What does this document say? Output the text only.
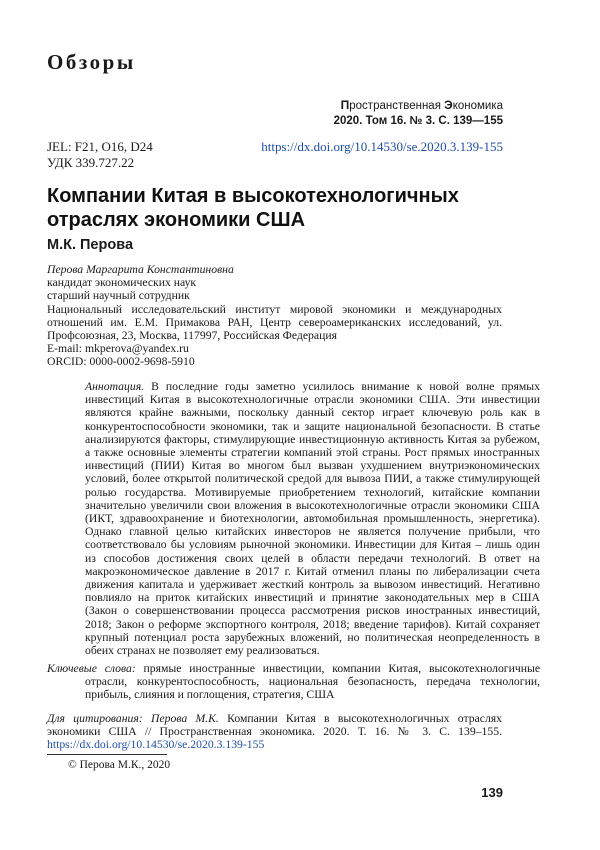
Обзоры
Пространственная Экономика
2020. Том 16. № 3. С. 139—155
JEL: F21, O16, D24
УДК 339.727.22
https://dx.doi.org/10.14530/se.2020.3.139-155
Компании Китая в высокотехнологичных отраслях экономики США
М.К. Перова
Перова Маргарита Константиновна
кандидат экономических наук
старший научный сотрудник
Национальный исследовательский институт мировой экономики и международных отношений им. Е.М. Примакова РАН, Центр североамериканских исследований, ул. Профсоюзная, 23, Москва, 117997, Российская Федерация
E-mail: mkperova@yandex.ru
ORCID: 0000-0002-9698-5910
Аннотация. В последние годы заметно усилилось внимание к новой волне прямых инвестиций Китая в высокотехнологичные отрасли экономики США. Эти инвестиции являются крайне важными, поскольку данный сектор играет ключевую роль как в конкурентоспособности экономики, так и защите национальной безопасности. В статье анализируются факторы, стимулирующие инвестиционную активность Китая за рубежом, а также основные элементы стратегии компаний этой страны. Рост прямых иностранных инвестиций (ПИИ) Китая во многом был вызван ухудшением внутриэкономических условий, более открытой политической средой для вывоза ПИИ, а также стимулирующей ролью государства. Мотивируемые приобретением технологий, китайские компании значительно увеличили свои вложения в высокотехнологичные отрасли экономики США (ИКТ, здравоохранение и биотехнологии, автомобильная промышленность, энергетика). Однако главной целью китайских инвесторов не является получение прибыли, что соответствовало бы условиям рыночной экономики. Инвестиции для Китая – лишь один из способов достижения своих целей в области передачи технологий. В ответ на макроэкономическое давление в 2017 г. Китай отменил планы по либерализации счета движения капитала и удерживает жесткий контроль за вывозом инвестиций. Негативно повлияло на приток китайских инвестиций и принятие законодательных мер в США (Закон о совершенствовании процесса рассмотрения рисков иностранных инвестиций, 2018; Закон о реформе экспортного контроля, 2018; введение тарифов). Китай сохраняет крупный потенциал роста зарубежных вложений, но политическая неопределенность в обеих странах не позволяет ему реализоваться.
Ключевые слова: прямые иностранные инвестиции, компании Китая, высокотехнологичные отрасли, конкурентоспособность, национальная безопасность, передача технологии, прибыль, слияния и поглощения, стратегия, США
Для цитирования: Перова М.К. Компании Китая в высокотехнологичных отраслях экономики США // Пространственная экономика. 2020. Т. 16. № 3. С. 139–155. https://dx.doi.org/10.14530/se.2020.3.139-155
© Перова М.К., 2020
139
